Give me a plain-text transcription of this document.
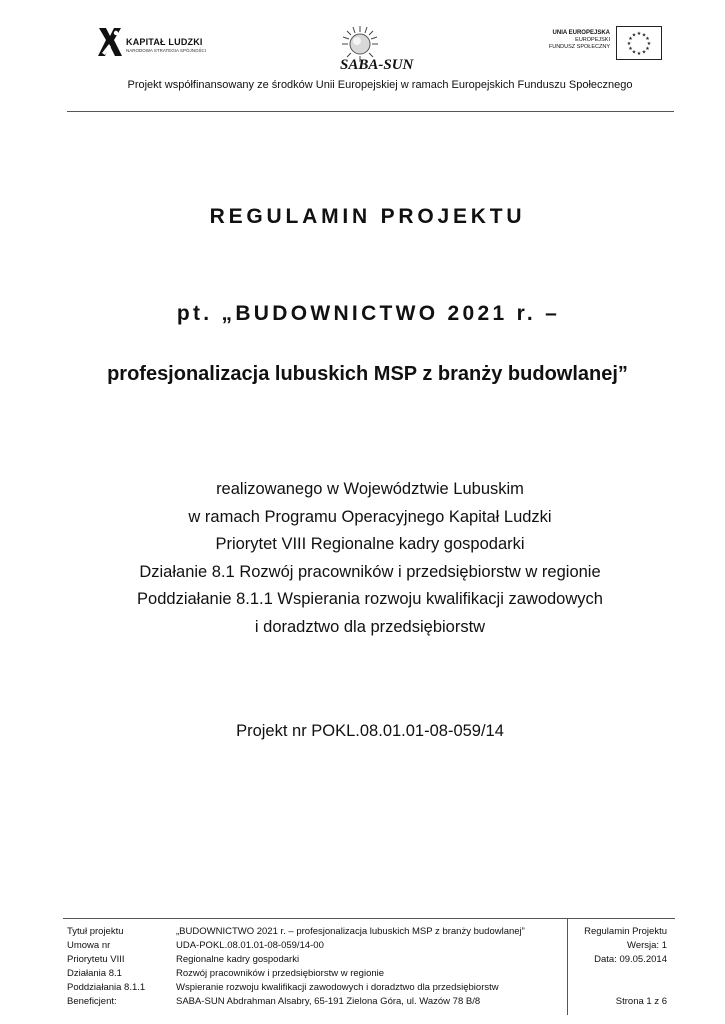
KAPITAŁ LUDZKI
NARODOWA STRATEGIA SPÓJNOŚCI
SABA-SUN
UNIA EUROPEJSKA
EUROPEJSKI
FUNDUSZ SPOŁECZNY
★ ★
★
★
★
★
★
★
★
★
★
★
Projekt współfinansowany ze środków Unii Europejskiej w ramach Europejskich Funduszu Społecznego
REGULAMIN PROJEKTU
pt. „BUDOWNICTWO 2021 r. –
profesjonalizacja lubuskich MSP z branży budowlanej”
realizowanego w Województwie Lubuskim
w ramach Programu Operacyjnego Kapitał Ludzki
Priorytet VIII Regionalne kadry gospodarki
Działanie 8.1 Rozwój pracowników i przedsiębiorstw w regionie
Poddziałanie 8.1.1 Wspierania rozwoju kwalifikacji zawodowych
i doradztwo dla przedsiębiorstw
Projekt nr POKL.08.01.01-08-059/14
Tytuł projektu	„BUDOWNICTWO 2021 r. – profesjonalizacja lubuskich MSP z branży budowlanej”	Regulamin Projektu
Umowa nr	UDA-POKL.08.01.01-08-059/14-00	Wersja: 1
Priorytetu VIII	Regionalne kadry gospodarki	Data: 09.05.2014
Działania 8.1	Rozwój pracowników i przedsiębiorstw w regionie
Poddziałania 8.1.1	Wspieranie rozwoju kwalifikacji zawodowych i doradztwo dla przedsiębiorstw
Beneficjent:	SABA-SUN Abdrahman Alsabry, 65-191 Zielona Góra, ul. Wazów 78 B/8	Strona 1 z 6
